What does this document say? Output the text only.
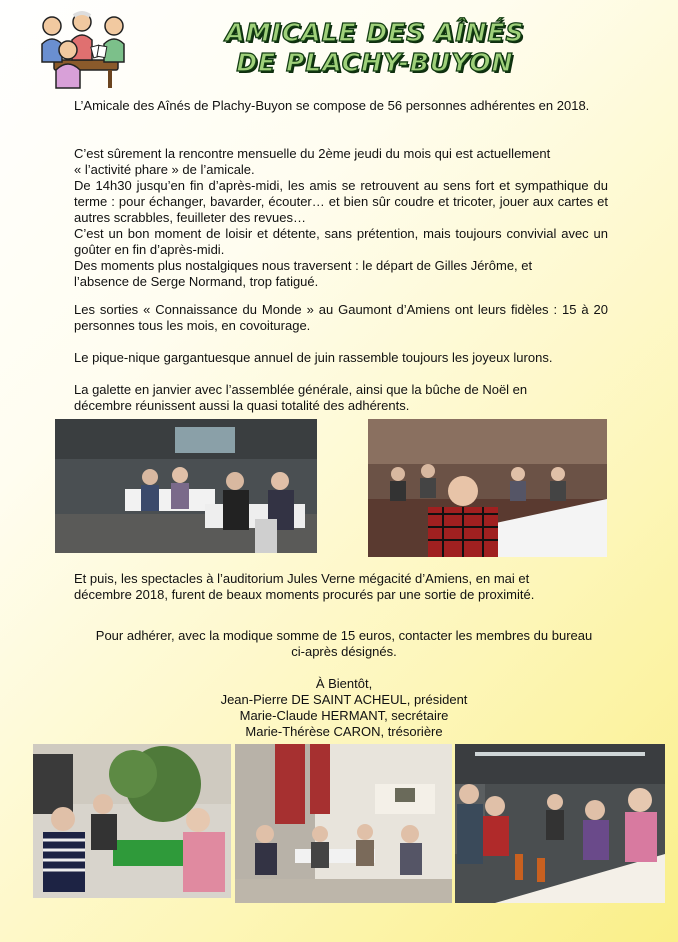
AMICALE DES AÎNÉS
DE PLACHY-BUYON

L’Amicale des Aînés de Plachy-Buyon se compose de 56 personnes adhérentes en 2018.

C’est sûrement la rencontre mensuelle du 2ème jeudi du mois qui est actuellement
« l’activité phare » de l’amicale.
De 14h30 jusqu’en fin d’après-midi, les amis se retrouvent au sens fort et sympathique du terme : pour échanger, bavarder, écouter… et bien sûr coudre et tricoter, jouer aux cartes et autres scrabbles, feuilleter des revues…
C’est un bon moment de loisir et détente, sans prétention, mais toujours convivial avec un goûter en fin d’après-midi.
Des moments plus nostalgiques nous traversent : le départ de Gilles Jérôme, et
l’absence de Serge Normand, trop fatigué.

Les sorties « Connaissance du Monde » au Gaumont d’Amiens ont leurs fidèles : 15 à 20 personnes tous les mois, en covoiturage.

Le pique-nique gargantuesque annuel de juin rassemble toujours les joyeux lurons.

La galette en janvier avec l’assemblée générale, ainsi que la bûche de Noël en
décembre réunissent aussi la quasi totalité des adhérents.
Et puis, les spectacles à l’auditorium Jules Verne mégacité d’Amiens, en mai et
décembre 2018, furent de beaux moments procurés par une sortie de proximité.
Pour adhérer, avec la modique somme de 15 euros, contacter les membres du bureau
ci-après désignés.
À Bientôt,
Jean-Pierre DE SAINT ACHEUL, président
Marie-Claude HERMANT, secrétaire
Marie-Thérèse CARON, trésorière
